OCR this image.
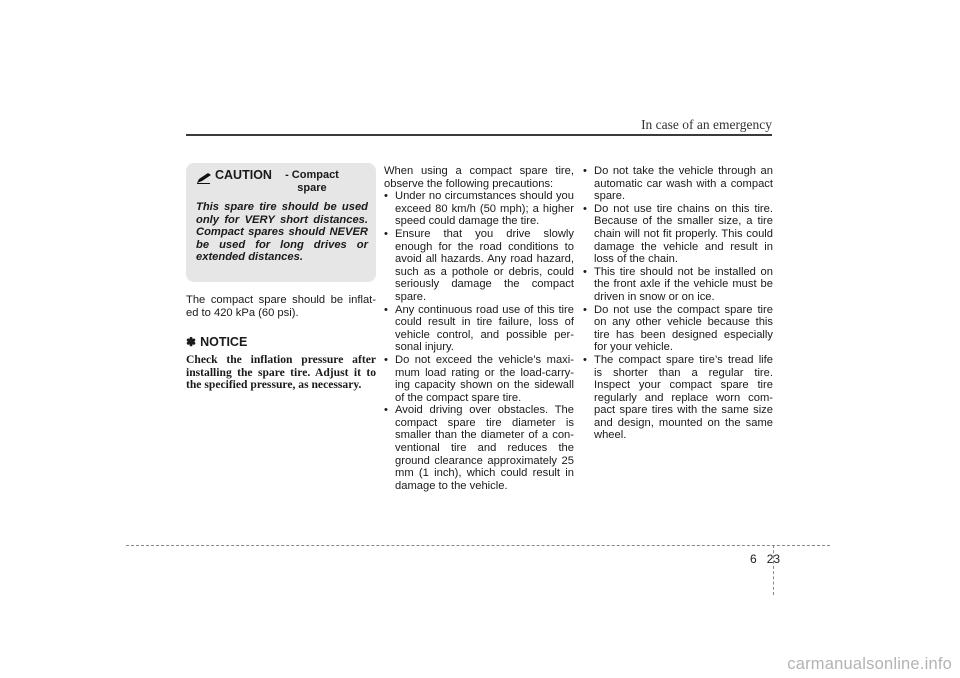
In case of an emergency
CAUTION	- Compact spare
This spare tire should be used only for VERY short distances. Compact spares should NEVER be used for long drives or extended distances.

The compact spare should be inflat-ed to 420 kPa (60 psi).

✽ NOTICE
Check the inflation pressure after installing the spare tire. Adjust it to the specified pressure, as necessary.

When using a compact spare tire, observe the following precautions:

• Under no circumstances should you exceed 80 km/h (50 mph); a higher speed could damage the tire.
• Ensure that you drive slowly enough for the road conditions to avoid all hazards. Any road hazard, such as a pothole or debris, could seriously damage the compact spare.
• Any continuous road use of this tire could result in tire failure, loss of vehicle control, and possible per-sonal injury.
• Do not exceed the vehicle’s maxi-mum load rating or the load-carry-ing capacity shown on the sidewall of the compact spare tire.
• Avoid driving over obstacles. The compact spare tire diameter is smaller than the diameter of a con-ventional tire and reduces the ground clearance approximately 25 mm (1 inch), which could result in damage to the vehicle.
• Do not take the vehicle through an automatic car wash with a compact spare.
• Do not use tire chains on this tire. Because of the smaller size, a tire chain will not fit properly. This could damage the vehicle and result in loss of the chain.
• This tire should not be installed on the front axle if the vehicle must be driven in snow or on ice.
• Do not use the compact spare tire on any other vehicle because this tire has been designed especially for your vehicle.
• The compact spare tire’s tread life is shorter than a regular tire. Inspect your compact spare tire regularly and replace worn com-pact spare tires with the same size and design, mounted on the same wheel.
6 23
carmanualsonline.info
